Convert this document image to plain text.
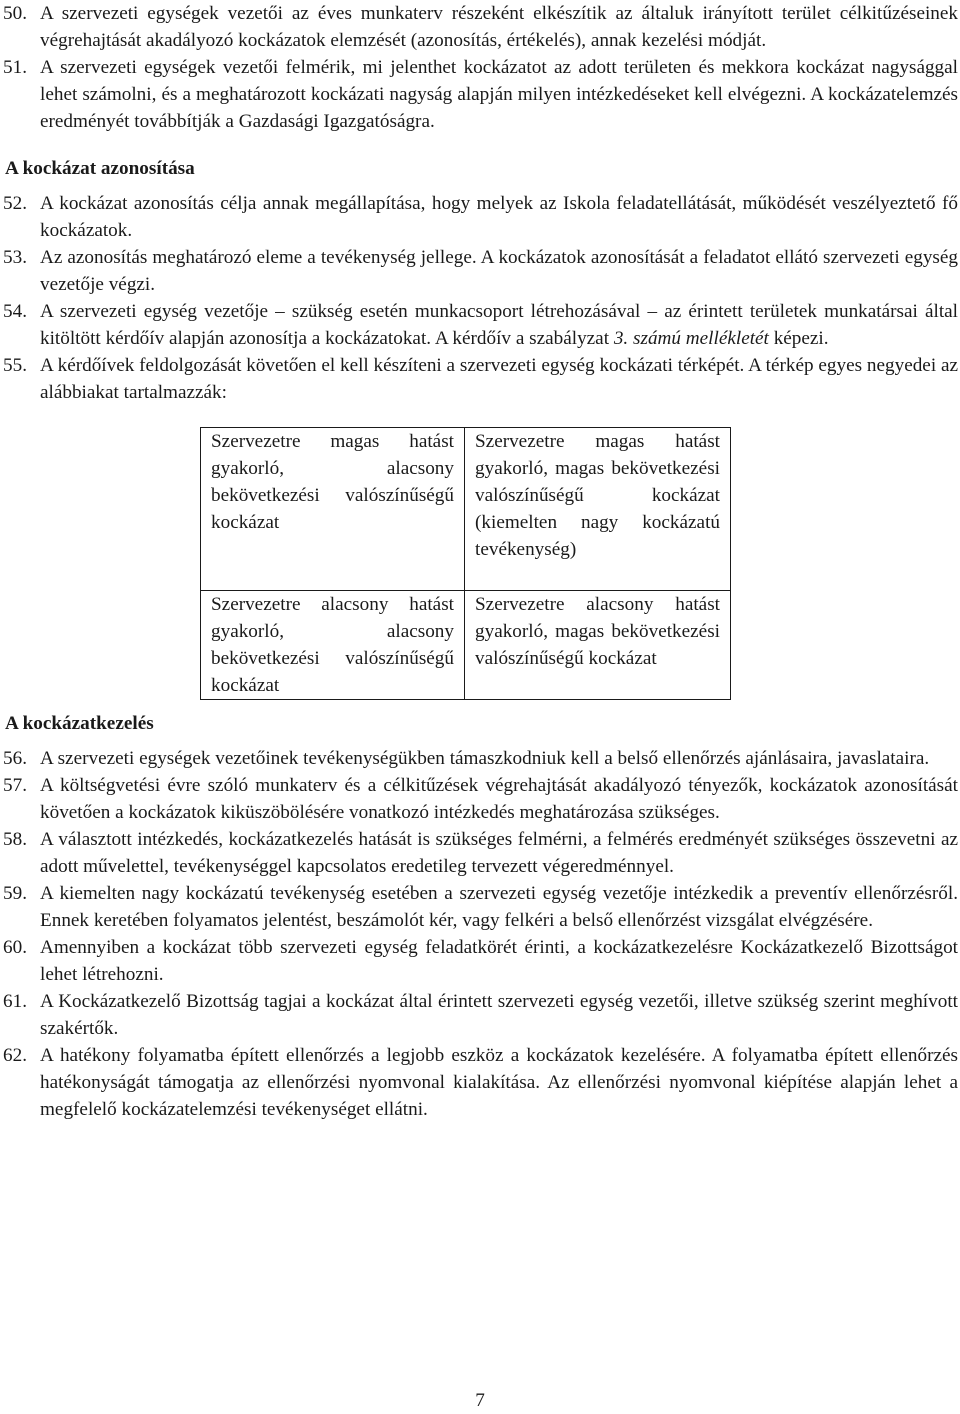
50. A szervezeti egységek vezetői az éves munkaterv részeként elkészítik az általuk irányított terület célkitűzéseinek végrehajtását akadályozó kockázatok elemzését (azonosítás, értékelés), annak kezelési módját.

51. A szervezeti egységek vezetői felmérik, mi jelenthet kockázatot az adott területen és mekkora kockázat nagysággal lehet számolni, és a meghatározott kockázati nagyság alapján milyen intézkedéseket kell elvégezni. A kockázatelemzés eredményét továbbítják a Gazdasági Igazgatóságra.

A kockázat azonosítása

52. A kockázat azonosítás célja annak megállapítása, hogy melyek az Iskola feladatellátását, működését veszélyeztető fő kockázatok.

53. Az azonosítás meghatározó eleme a tevékenység jellege. A kockázatok azonosítását a feladatot ellátó szervezeti egység vezetője végzi.

54. A szervezeti egység vezetője – szükség esetén munkacsoport létrehozásával – az érintett területek munkatársai által kitöltött kérdőív alapján azonosítja a kockázatokat. A kérdőív a szabályzat 3. számú mellékletét képezi.

55. A kérdőívek feldolgozását követően el kell készíteni a szervezeti egység kockázati térképét. A térkép egyes negyedei az alábbiakat tartalmazzák:

Szervezetre magas hatást gyakorló, alacsony bekövetkezési valószínűségű kockázat	Szervezetre magas hatást gyakorló, magas bekövetkezési valószínűségű kockázat (kiemelten nagy kockázatú tevékenység)
Szervezetre alacsony hatást gyakorló, alacsony bekövetkezési valószínűségű kockázat	Szervezetre alacsony hatást gyakorló, magas bekövetkezési valószínűségű kockázat

A kockázatkezelés

56. A szervezeti egységek vezetőinek tevékenységükben támaszkodniuk kell a belső ellenőrzés ajánlásaira, javaslataira.

57. A költségvetési évre szóló munkaterv és a célkitűzések végrehajtását akadályozó tényezők, kockázatok azonosítását követően a kockázatok kiküszöbölésére vonatkozó intézkedés meghatározása szükséges.

58. A választott intézkedés, kockázatkezelés hatását is szükséges felmérni, a felmérés eredményét szükséges összevetni az adott művelettel, tevékenységgel kapcsolatos eredetileg tervezett végeredménnyel.

59. A kiemelten nagy kockázatú tevékenység esetében a szervezeti egység vezetője intézkedik a preventív ellenőrzésről. Ennek keretében folyamatos jelentést, beszámolót kér, vagy felkéri a belső ellenőrzést vizsgálat elvégzésére.

60. Amennyiben a kockázat több szervezeti egység feladatkörét érinti, a kockázatkezelésre Kockázatkezelő Bizottságot lehet létrehozni.

61. A Kockázatkezelő Bizottság tagjai a kockázat által érintett szervezeti egység vezetői, illetve szükség szerint meghívott szakértők.

62. A hatékony folyamatba épített ellenőrzés a legjobb eszköz a kockázatok kezelésére. A folyamatba épített ellenőrzés hatékonyságát támogatja az ellenőrzési nyomvonal kialakítása. Az ellenőrzési nyomvonal kiépítése alapján lehet a megfelelő kockázatelemzési tevékenységet ellátni.

7
